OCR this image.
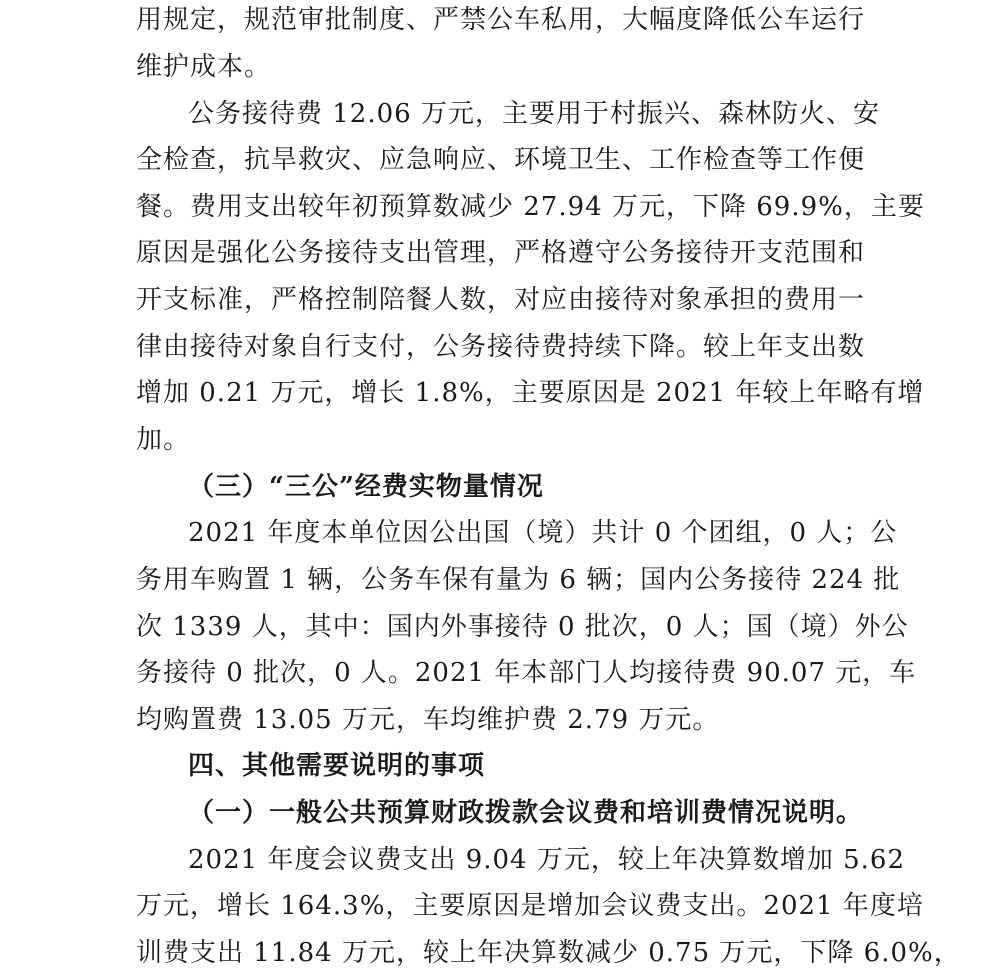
用规定，规范审批制度、严禁公车私用，大幅度降低公车运行
维护成本。
公务接待费 12.06 万元，主要用于村振兴、森林防火、安
全检查，抗旱救灾、应急响应、环境卫生、工作检查等工作便
餐。费用支出较年初预算数减少 27.94 万元，下降 69.9%，主要
原因是强化公务接待支出管理，严格遵守公务接待开支范围和
开支标准，严格控制陪餐人数，对应由接待对象承担的费用一
律由接待对象自行支付，公务接待费持续下降。较上年支出数
增加 0.21 万元，增长 1.8%，主要原因是 2021 年较上年略有增
加。
（三）“三公”经费实物量情况
2021 年度本单位因公出国（境）共计 0 个团组，0 人；公
务用车购置 1 辆，公务车保有量为 6 辆；国内公务接待 224 批
次 1339 人，其中：国内外事接待 0 批次，0 人；国（境）外公
务接待 0 批次，0 人。2021 年本部门人均接待费 90.07 元，车
均购置费 13.05 万元，车均维护费 2.79 万元。
四、其他需要说明的事项
（一）一般公共预算财政拨款会议费和培训费情况说明。
2021 年度会议费支出 9.04 万元，较上年决算数增加 5.62
万元，增长 164.3%，主要原因是增加会议费支出。2021 年度培
训费支出 11.84 万元，较上年决算数减少 0.75 万元，下降 6.0%，
